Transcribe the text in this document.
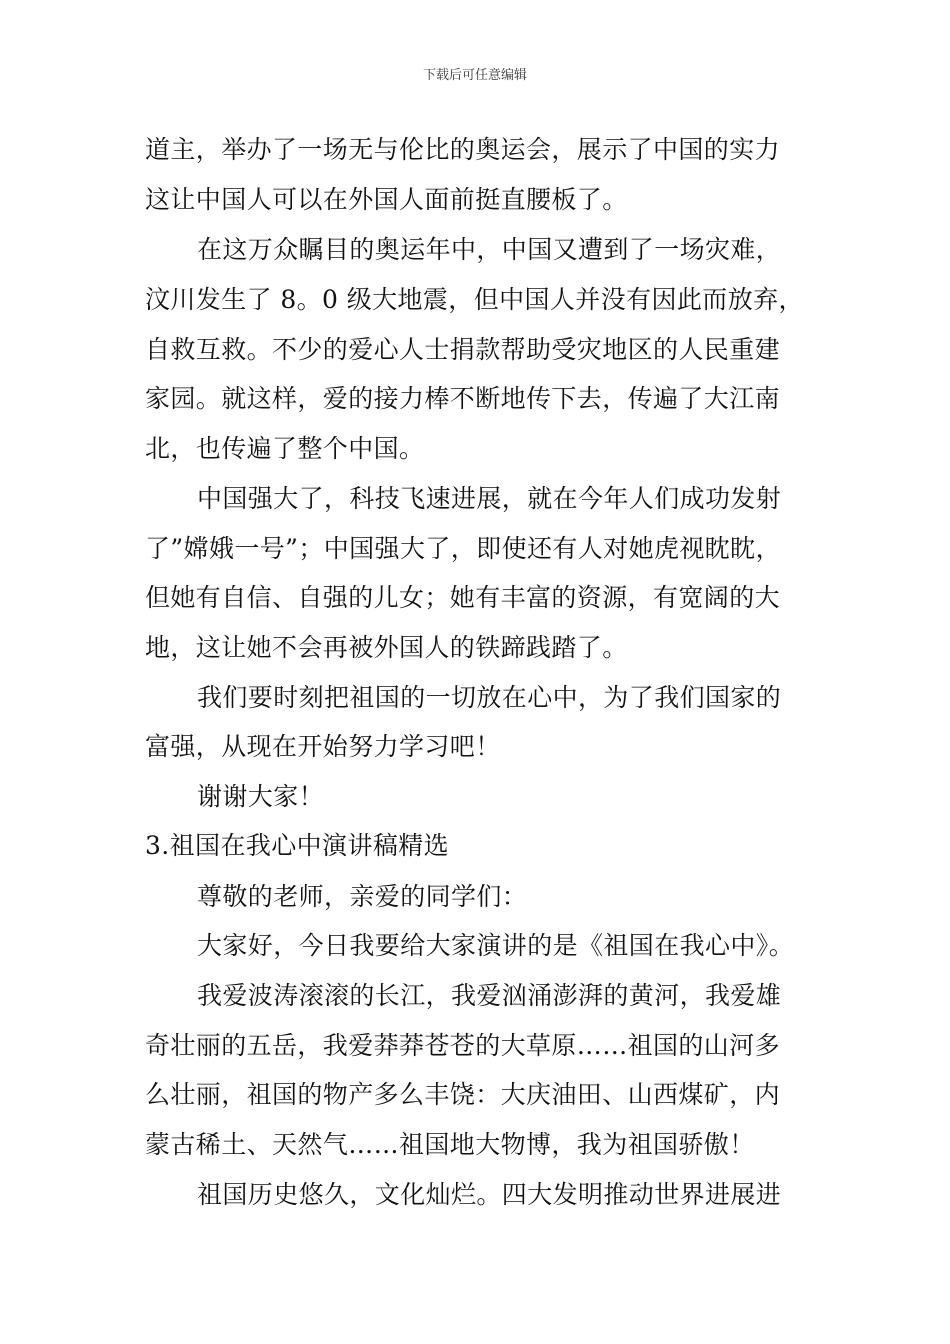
下载后可任意编辑
道主，举办了一场无与伦比的奥运会，展示了中国的实力
这让中国人可以在外国人面前挺直腰板了。
在这万众瞩目的奥运年中，中国又遭到了一场灾难，
汶川发生了 8。0 级大地震，但中国人并没有因此而放弃，
自救互救。不少的爱心人士捐款帮助受灾地区的人民重建
家园。就这样，爱的接力棒不断地传下去，传遍了大江南
北，也传遍了整个中国。
中国强大了，科技飞速进展，就在今年人们成功发射
了”嫦娥一号”；中国强大了，即使还有人对她虎视眈眈，
但她有自信、自强的儿女；她有丰富的资源，有宽阔的大
地，这让她不会再被外国人的铁蹄践踏了。
我们要时刻把祖国的一切放在心中，为了我们国家的
富强，从现在开始努力学习吧！
谢谢大家！
3.祖国在我心中演讲稿精选
尊敬的老师，亲爱的同学们：
大家好，今日我要给大家演讲的是《祖国在我心中》。
我爱波涛滚滚的长江，我爱汹涌澎湃的黄河，我爱雄
奇壮丽的五岳，我爱莽莽苍苍的大草原……祖国的山河多
么壮丽，祖国的物产多么丰饶：大庆油田、山西煤矿，内
蒙古稀土、天然气……祖国地大物博，我为祖国骄傲！
祖国历史悠久，文化灿烂。四大发明推动世界进展进
